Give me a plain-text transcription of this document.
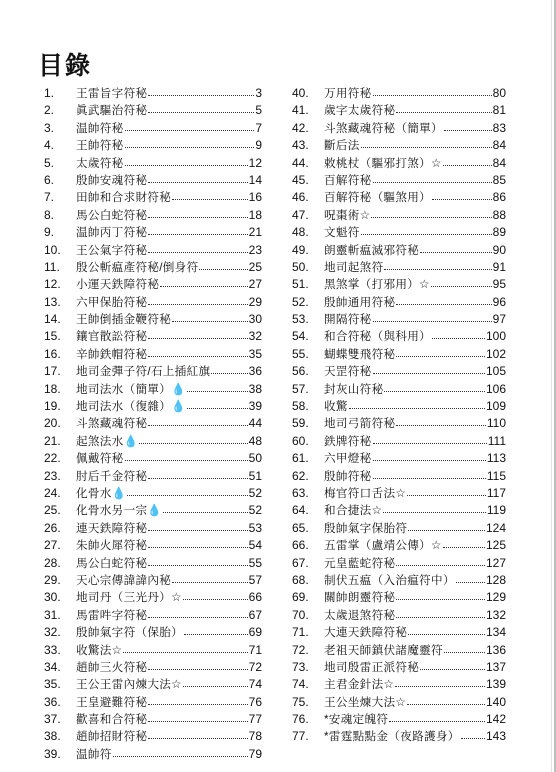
目錄
1.	王雷旨字符秘	3
2.	眞武驅治符秘	5
3.	温帥符秘	7
4.	王帥符秘	9
5.	太歲符秘	12
6.	殷帥安魂符秘	14
7.	田帥和合求財符秘	16
8.	馬公白蛇符秘	18
9.	温帥丙丁符秘	21
10.	王公氣字符秘	23
11.	殷公斬瘟產符秘/倒身符	25
12.	小運天鉄障符秘	27
13.	六甲保胎符秘	29
14.	王帥倒插金鞭符秘	30
15.	鑲官散訟符秘	32
16.	辛帥鉄帽符秘	35
17.	地司金彈子符/石上插紅旗	36
18.	地司法水（簡單）💧	38
19.	地司法水（復雜）💧	39
20.	斗煞藏魂符秘	44
21.	起煞法水💧	48
22.	佩戴符秘	50
23.	肘后千金符秘	51
24.	化骨水💧	52
25.	化骨水另一宗💧	52
26.	連天鉄障符秘	53
27.	朱帥火犀符秘	54
28.	馬公白蛇符秘	55
29.	天心宗傳諱諱內秘	57
30.	地司丹（三光丹）☆	66
31.	馬雷吽字符秘	67
32.	殷帥氣字符（保胎）	69
33.	收驚法☆	71
34.	趙帥三火符秘	72
35.	王公王雷內煉大法☆	74
36.	王皇避難符秘	76
37.	歡喜和合符秘	77
38.	趙帥招財符秘	78
39.	温帥符	79
40.	万用符秘	80
41.	歲字太歲符秘	81
42.	斗煞藏魂符秘（簡單）	83
43.	斷后法	84
44.	敕桃杖（驅邪打煞）☆	84
45.	百解符秘	85
46.	百解符秘（驅煞用）	86
47.	呪棗術☆	88
48.	文魁符	89
49.	朗靈斬瘟滅邪符秘	90
50.	地司起煞符	91
51.	黑煞掌（打邪用）☆	95
52.	殷帥通用符秘	96
53.	開隔符秘	97
54.	和合符秘（與科用）	100
55.	蝴蝶雙飛符秘	102
56.	天罡符秘	105
57.	封灰山符秘	106
58.	收驚	109
59.	地司弓箭符秘	110
60.	鉄牌符秘	111
61.	六甲燈秘	113
62.	殷帥符秘	115
63.	梅官符口舌法☆	117
64.	和合捷法☆	119
65.	殷帥氣字保胎符	124
66.	五雷掌（盧靖公傳）☆	125
67.	元皇藍蛇符秘	127
68.	制伏五瘟（入治瘟符中）	128
69.	關帥朗靈符秘	129
70.	太歲退煞符秘	132
71.	大連天鉄障符秘	134
72.	老祖天師鎮伏諸魔靈符	136
73.	地司殷雷正派符秘	137
74.	主君金針法☆	139
75.	王公坐煉大法☆	140
76.	*安魂定魄符	142
77.	*雷霆點點金（夜路護身） 143
